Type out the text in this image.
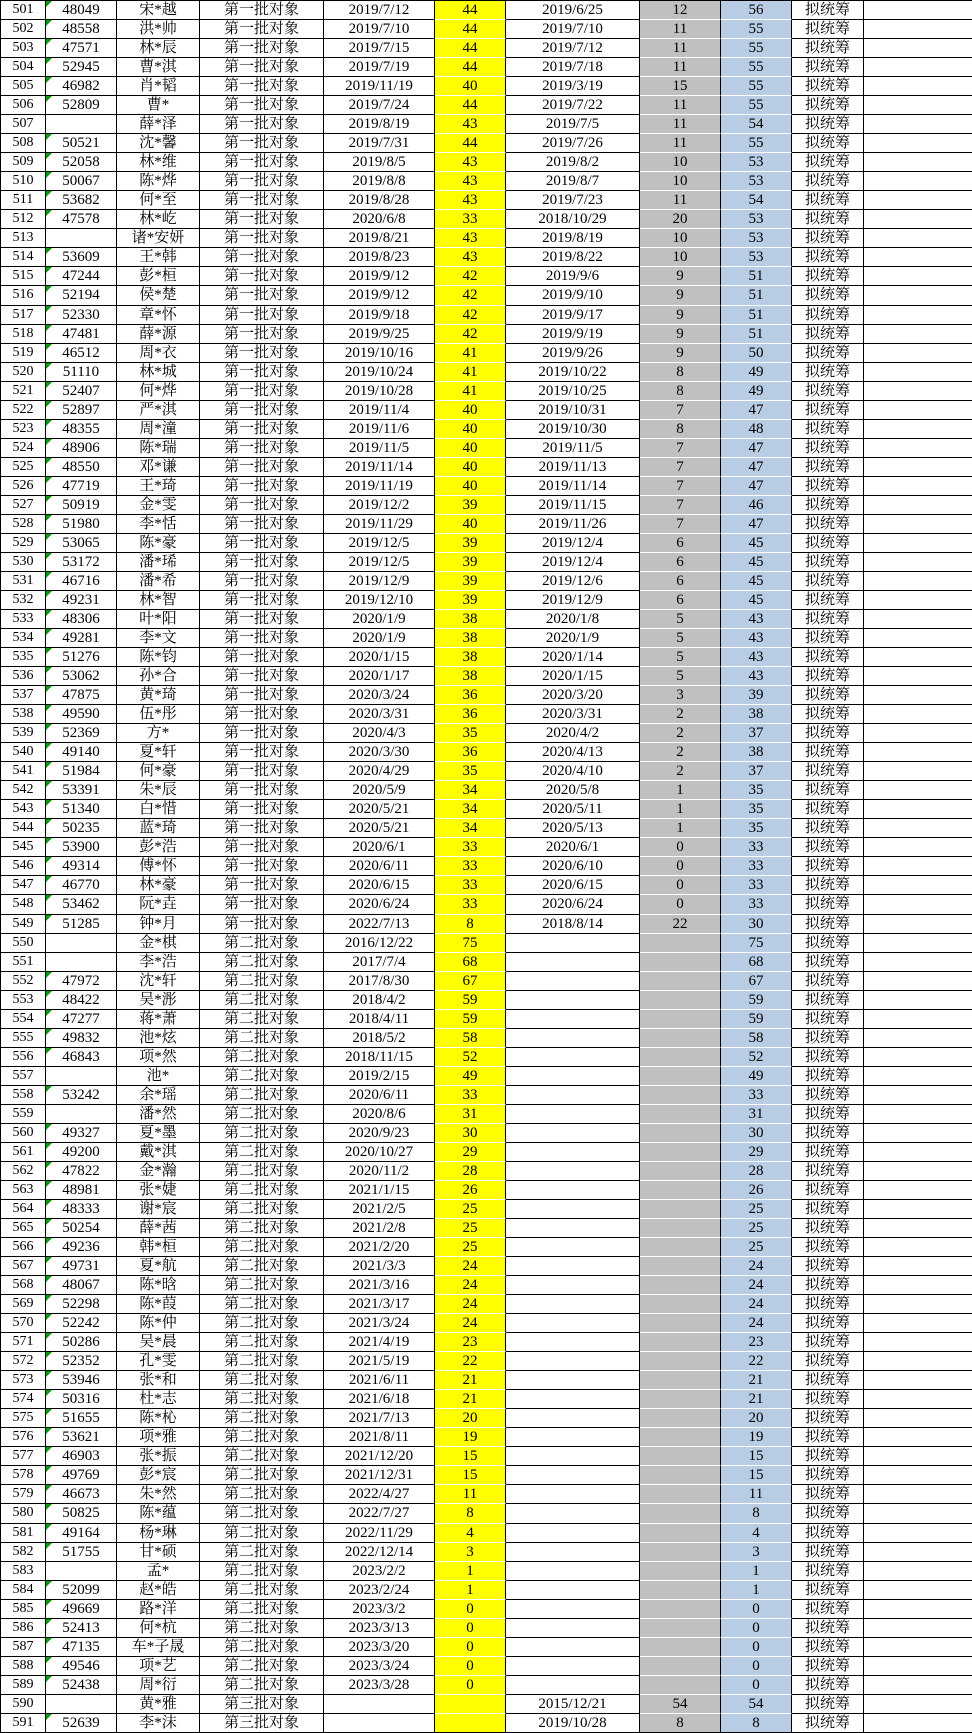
501	48049	宋*越	第一批对象	2019/7/12	44	2019/6/25	12	56	拟统筹	
502	48558	洪*帅	第一批对象	2019/7/10	44	2019/7/10	11	55	拟统筹	
503	47571	林*辰	第一批对象	2019/7/15	44	2019/7/12	11	55	拟统筹	
504	52945	曹*淇	第一批对象	2019/7/19	44	2019/7/18	11	55	拟统筹	
505	46982	肖*韬	第一批对象	2019/11/19	40	2019/3/19	15	55	拟统筹	
506	52809	曹*	第一批对象	2019/7/24	44	2019/7/22	11	55	拟统筹	
507		薛*泽	第一批对象	2019/8/19	43	2019/7/5	11	54	拟统筹	
508	50521	沈*馨	第一批对象	2019/7/31	44	2019/7/26	11	55	拟统筹	
509	52058	林*维	第一批对象	2019/8/5	43	2019/8/2	10	53	拟统筹	
510	50067	陈*烨	第一批对象	2019/8/8	43	2019/8/7	10	53	拟统筹	
511	53682	何*至	第一批对象	2019/8/28	43	2019/7/23	11	54	拟统筹	
512	47578	林*屹	第一批对象	2020/6/8	33	2018/10/29	20	53	拟统筹	
513		诸*安妍	第一批对象	2019/8/21	43	2019/8/19	10	53	拟统筹	
514	53609	王*韩	第一批对象	2019/8/23	43	2019/8/22	10	53	拟统筹	
515	47244	彭*桓	第一批对象	2019/9/12	42	2019/9/6	9	51	拟统筹	
516	52194	侯*楚	第一批对象	2019/9/12	42	2019/9/10	9	51	拟统筹	
517	52330	章*怀	第一批对象	2019/9/18	42	2019/9/17	9	51	拟统筹	
518	47481	薛*源	第一批对象	2019/9/25	42	2019/9/19	9	51	拟统筹	
519	46512	周*衣	第一批对象	2019/10/16	41	2019/9/26	9	50	拟统筹	
520	51110	林*城	第一批对象	2019/10/24	41	2019/10/22	8	49	拟统筹	
521	52407	何*烨	第一批对象	2019/10/28	41	2019/10/25	8	49	拟统筹	
522	52897	严*淇	第一批对象	2019/11/4	40	2019/10/31	7	47	拟统筹	
523	48355	周*潼	第一批对象	2019/11/6	40	2019/10/30	8	48	拟统筹	
524	48906	陈*瑞	第一批对象	2019/11/5	40	2019/11/5	7	47	拟统筹	
525	48550	邓*谦	第一批对象	2019/11/14	40	2019/11/13	7	47	拟统筹	
526	47719	王*琦	第一批对象	2019/11/19	40	2019/11/14	7	47	拟统筹	
527	50919	金*雯	第一批对象	2019/12/2	39	2019/11/15	7	46	拟统筹	
528	51980	李*恬	第一批对象	2019/11/29	40	2019/11/26	7	47	拟统筹	
529	53065	陈*豪	第一批对象	2019/12/5	39	2019/12/4	6	45	拟统筹	
530	53172	潘*琋	第一批对象	2019/12/5	39	2019/12/4	6	45	拟统筹	
531	46716	潘*希	第一批对象	2019/12/9	39	2019/12/6	6	45	拟统筹	
532	49231	林*智	第一批对象	2019/12/10	39	2019/12/9	6	45	拟统筹	
533	48306	叶*阳	第一批对象	2020/1/9	38	2020/1/8	5	43	拟统筹	
534	49281	李*文	第一批对象	2020/1/9	38	2020/1/9	5	43	拟统筹	
535	51276	陈*钧	第一批对象	2020/1/15	38	2020/1/14	5	43	拟统筹	
536	53062	孙*合	第一批对象	2020/1/17	38	2020/1/15	5	43	拟统筹	
537	47875	黄*琦	第一批对象	2020/3/24	36	2020/3/20	3	39	拟统筹	
538	49590	伍*彤	第一批对象	2020/3/31	36	2020/3/31	2	38	拟统筹	
539	52369	方*	第一批对象	2020/4/3	35	2020/4/2	2	37	拟统筹	
540	49140	夏*轩	第一批对象	2020/3/30	36	2020/4/13	2	38	拟统筹	
541	51984	何*豪	第一批对象	2020/4/29	35	2020/4/10	2	37	拟统筹	
542	53391	朱*辰	第一批对象	2020/5/9	34	2020/5/8	1	35	拟统筹	
543	51340	白*惜	第一批对象	2020/5/21	34	2020/5/11	1	35	拟统筹	
544	50235	蓝*琦	第一批对象	2020/5/21	34	2020/5/13	1	35	拟统筹	
545	53900	彭*浩	第一批对象	2020/6/1	33	2020/6/1	0	33	拟统筹	
546	49314	傅*怀	第一批对象	2020/6/11	33	2020/6/10	0	33	拟统筹	
547	46770	林*豪	第一批对象	2020/6/15	33	2020/6/15	0	33	拟统筹	
548	53462	阮*垚	第一批对象	2020/6/24	33	2020/6/24	0	33	拟统筹	
549	51285	钟*月	第一批对象	2022/7/13	8	2018/8/14	22	30	拟统筹	
550		金*棋	第二批对象	2016/12/22	75			75	拟统筹	
551		李*浩	第二批对象	2017/7/4	68			68	拟统筹	
552	47972	沈*轩	第二批对象	2017/8/30	67			67	拟统筹	
553	48422	吴*浵	第二批对象	2018/4/2	59			59	拟统筹	
554	47277	蒋*萧	第二批对象	2018/4/11	59			59	拟统筹	
555	49832	池*炫	第二批对象	2018/5/2	58			58	拟统筹	
556	46843	项*然	第二批对象	2018/11/15	52			52	拟统筹	
557		池*	第二批对象	2019/2/15	49			49	拟统筹	
558	53242	余*瑶	第二批对象	2020/6/11	33			33	拟统筹	
559		潘*然	第二批对象	2020/8/6	31			31	拟统筹	
560	49327	夏*墨	第二批对象	2020/9/23	30			30	拟统筹	
561	49200	戴*淇	第二批对象	2020/10/27	29			29	拟统筹	
562	47822	金*瀚	第二批对象	2020/11/2	28			28	拟统筹	
563	48981	张*婕	第二批对象	2021/1/15	26			26	拟统筹	
564	48333	谢*宸	第二批对象	2021/2/5	25			25	拟统筹	
565	50254	薛*茜	第二批对象	2021/2/8	25			25	拟统筹	
566	49236	韩*桓	第二批对象	2021/2/20	25			25	拟统筹	
567	49731	夏*航	第二批对象	2021/3/3	24			24	拟统筹	
568	48067	陈*晗	第二批对象	2021/3/16	24			24	拟统筹	
569	52298	陈*葭	第二批对象	2021/3/17	24			24	拟统筹	
570	52242	陈*仲	第二批对象	2021/3/24	24			24	拟统筹	
571	50286	吴*晨	第二批对象	2021/4/19	23			23	拟统筹	
572	52352	孔*雯	第二批对象	2021/5/19	22			22	拟统筹	
573	53946	张*和	第二批对象	2021/6/11	21			21	拟统筹	
574	50316	杜*志	第二批对象	2021/6/18	21			21	拟统筹	
575	51655	陈*杺	第二批对象	2021/7/13	20			20	拟统筹	
576	53621	项*雅	第二批对象	2021/8/11	19			19	拟统筹	
577	46903	张*振	第二批对象	2021/12/20	15			15	拟统筹	
578	49769	彭*宸	第二批对象	2021/12/31	15			15	拟统筹	
579	46673	朱*然	第二批对象	2022/4/27	11			11	拟统筹	
580	50825	陈*蕴	第二批对象	2022/7/27	8			8	拟统筹	
581	49164	杨*琳	第二批对象	2022/11/29	4			4	拟统筹	
582	51755	甘*硕	第二批对象	2022/12/14	3			3	拟统筹	
583		孟*	第二批对象	2023/2/2	1			1	拟统筹	
584	52099	赵*皓	第二批对象	2023/2/24	1			1	拟统筹	
585	49669	路*洋	第二批对象	2023/3/2	0			0	拟统筹	
586	52413	何*杭	第二批对象	2023/3/13	0			0	拟统筹	
587	47135	车*子晟	第二批对象	2023/3/20	0			0	拟统筹	
588	49546	项*艺	第二批对象	2023/3/24	0			0	拟统筹	
589	52438	周*衍	第二批对象	2023/3/28	0			0	拟统筹	
590		黄*雅	第三批对象			2015/12/21	54	54	拟统筹	
591	52639	李*沫	第三批对象			2019/10/28	8	8	拟统筹	
